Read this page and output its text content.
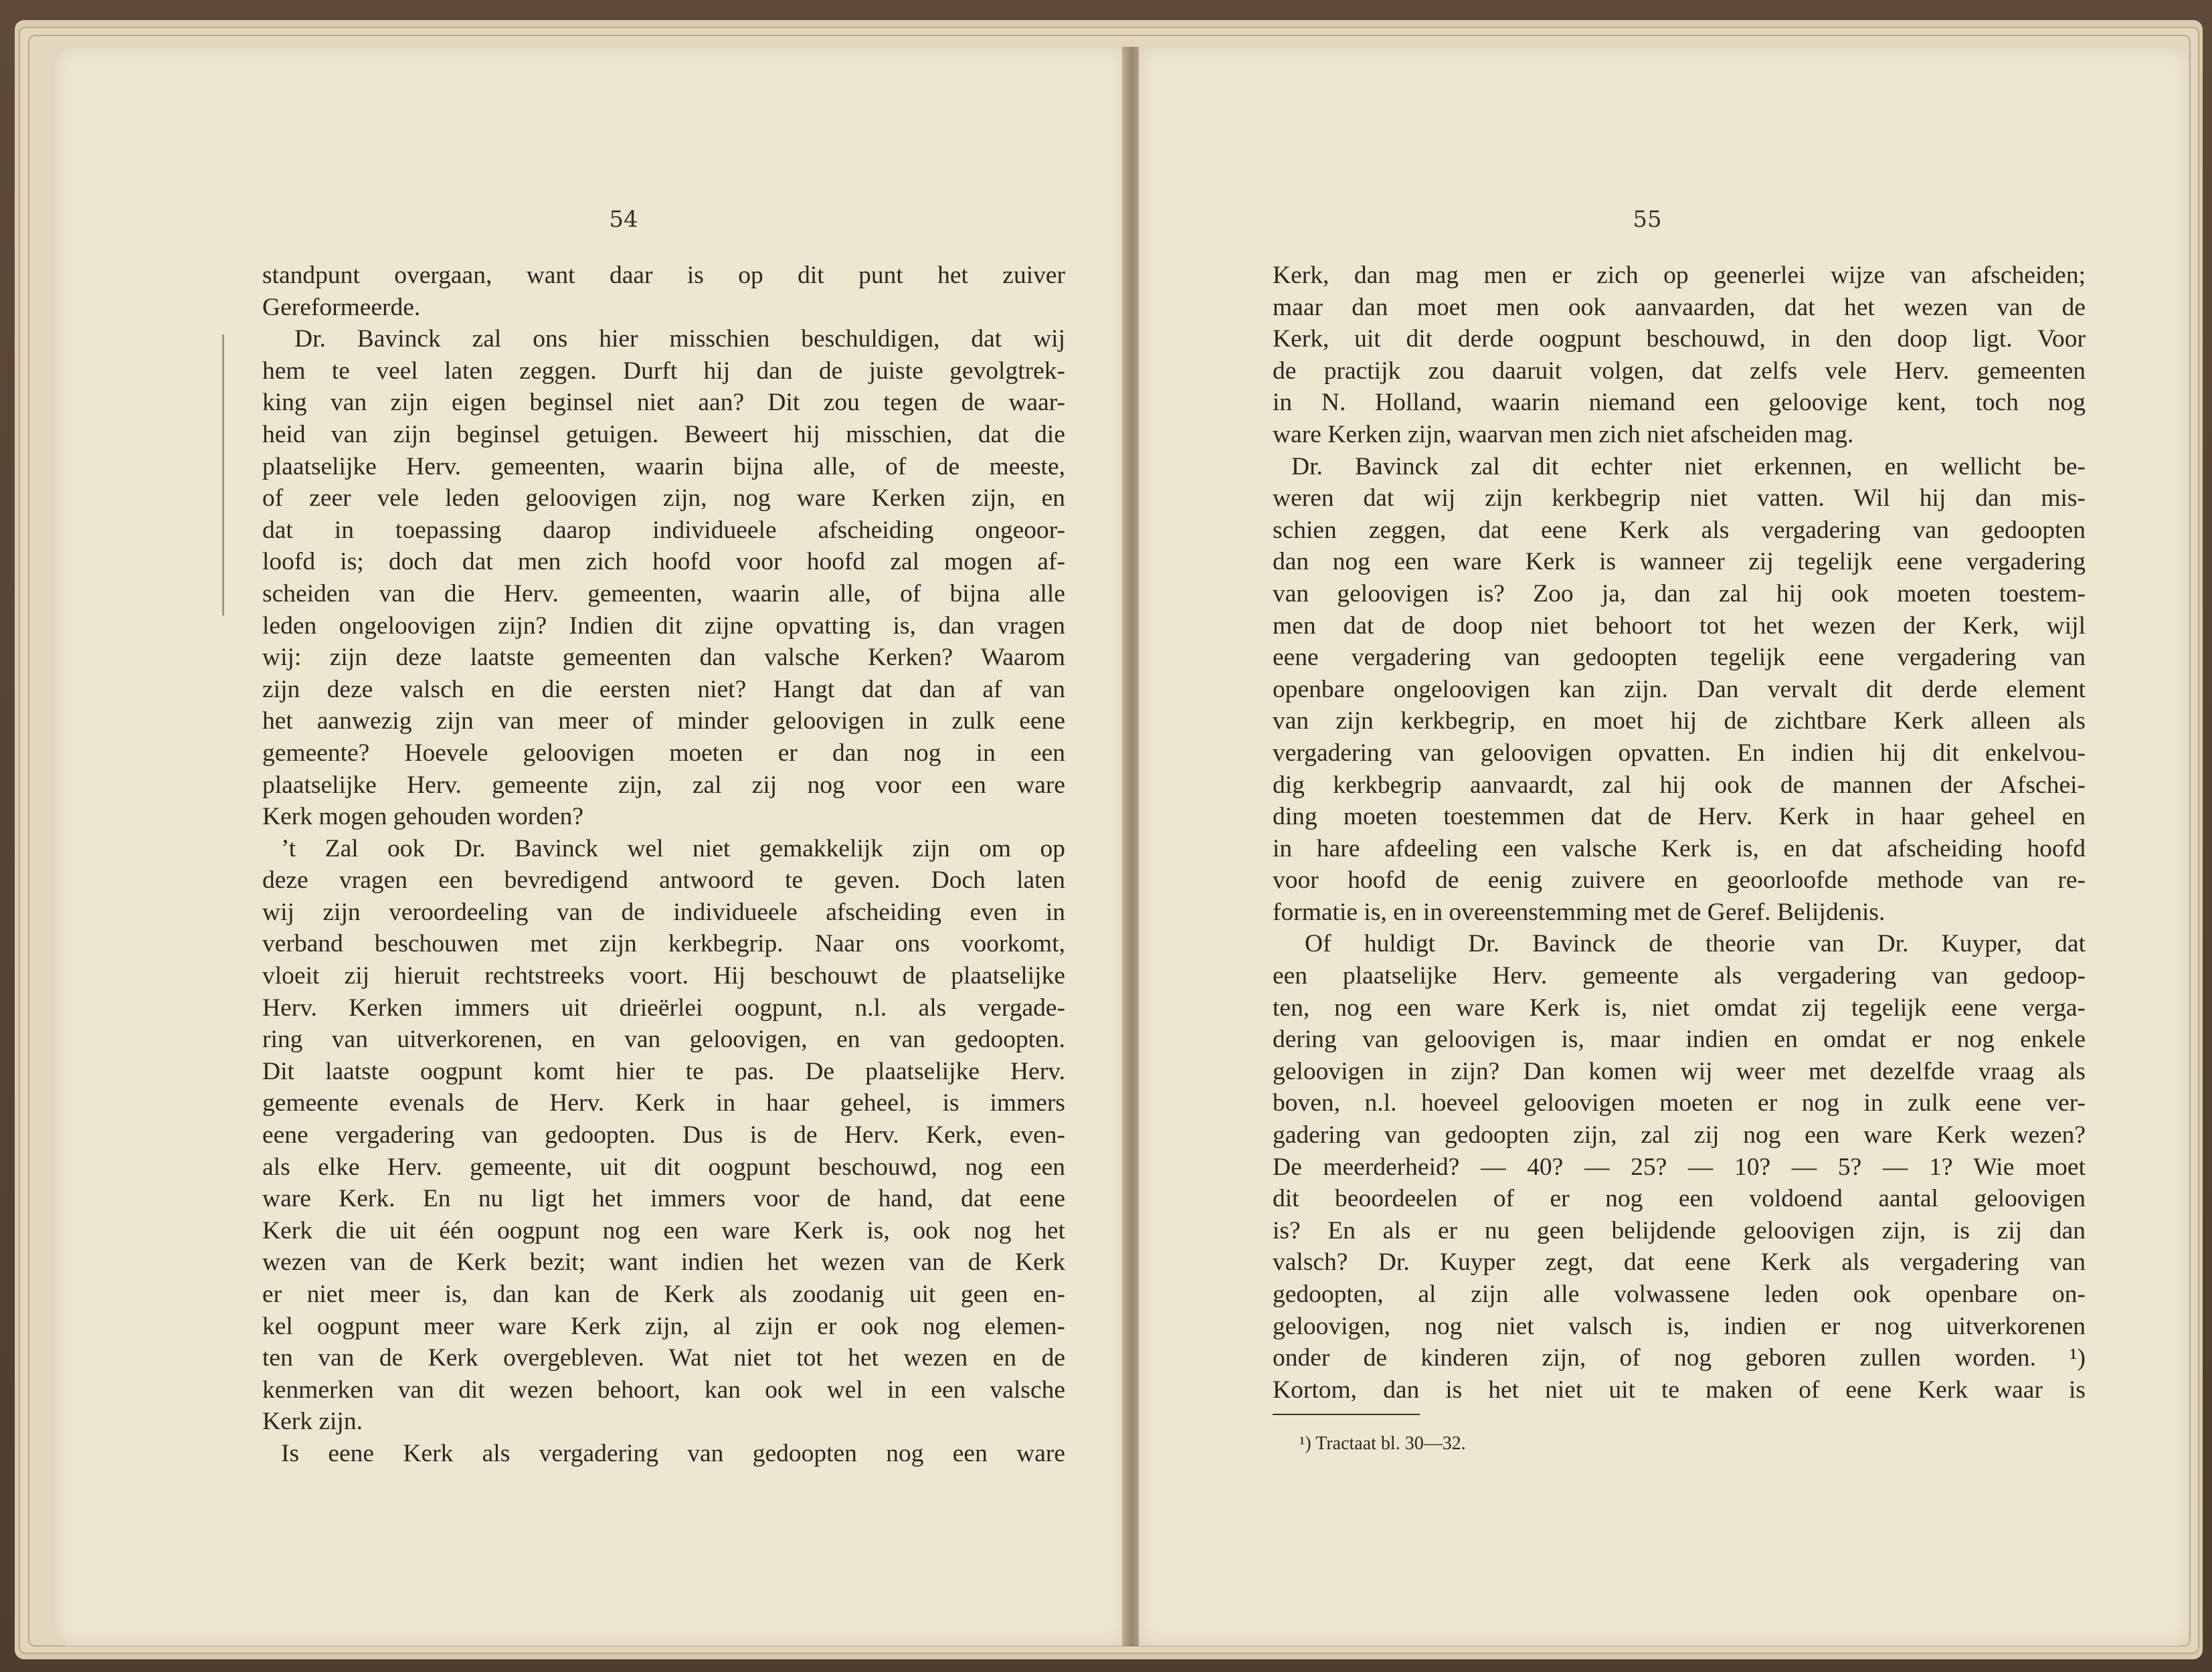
54
standpunt overgaan, want daar is op dit punt het zuiver
Gereformeerde.
Dr. Bavinck zal ons hier misschien beschuldigen, dat wij
hem te veel laten zeggen. Durft hij dan de juiste gevolgtrek-
king van zijn eigen beginsel niet aan? Dit zou tegen de waar-
heid van zijn beginsel getuigen. Beweert hij misschien, dat die
plaatselijke Herv. gemeenten, waarin bijna alle, of de meeste,
of zeer vele leden geloovigen zijn, nog ware Kerken zijn, en
dat in toepassing daarop individueele afscheiding ongeoor-
loofd is; doch dat men zich hoofd voor hoofd zal mogen af-
scheiden van die Herv. gemeenten, waarin alle, of bijna alle
leden ongeloovigen zijn? Indien dit zijne opvatting is, dan vragen
wij: zijn deze laatste gemeenten dan valsche Kerken? Waarom
zijn deze valsch en die eersten niet? Hangt dat dan af van
het aanwezig zijn van meer of minder geloovigen in zulk eene
gemeente? Hoevele geloovigen moeten er dan nog in een
plaatselijke Herv. gemeente zijn, zal zij nog voor een ware
Kerk mogen gehouden worden?
’t Zal ook Dr. Bavinck wel niet gemakkelijk zijn om op
deze vragen een bevredigend antwoord te geven. Doch laten
wij zijn veroordeeling van de individueele afscheiding even in
verband beschouwen met zijn kerkbegrip. Naar ons voorkomt,
vloeit zij hieruit rechtstreeks voort. Hij beschouwt de plaatselijke
Herv. Kerken immers uit drieërlei oogpunt, n.l. als vergade-
ring van uitverkorenen, en van geloovigen, en van gedoopten.
Dit laatste oogpunt komt hier te pas. De plaatselijke Herv.
gemeente evenals de Herv. Kerk in haar geheel, is immers
eene vergadering van gedoopten. Dus is de Herv. Kerk, even-
als elke Herv. gemeente, uit dit oogpunt beschouwd, nog een
ware Kerk. En nu ligt het immers voor de hand, dat eene
Kerk die uit één oogpunt nog een ware Kerk is, ook nog het
wezen van de Kerk bezit; want indien het wezen van de Kerk
er niet meer is, dan kan de Kerk als zoodanig uit geen en-
kel oogpunt meer ware Kerk zijn, al zijn er ook nog elemen-
ten van de Kerk overgebleven. Wat niet tot het wezen en de
kenmerken van dit wezen behoort, kan ook wel in een valsche
Kerk zijn.
Is eene Kerk als vergadering van gedoopten nog een ware
55
Kerk, dan mag men er zich op geenerlei wijze van afscheiden;
maar dan moet men ook aanvaarden, dat het wezen van de
Kerk, uit dit derde oogpunt beschouwd, in den doop ligt. Voor
de practijk zou daaruit volgen, dat zelfs vele Herv. gemeenten
in N. Holland, waarin niemand een geloovige kent, toch nog
ware Kerken zijn, waarvan men zich niet afscheiden mag.
Dr. Bavinck zal dit echter niet erkennen, en wellicht be-
weren dat wij zijn kerkbegrip niet vatten. Wil hij dan mis-
schien zeggen, dat eene Kerk als vergadering van gedoopten
dan nog een ware Kerk is wanneer zij tegelijk eene vergadering
van geloovigen is? Zoo ja, dan zal hij ook moeten toestem-
men dat de doop niet behoort tot het wezen der Kerk, wijl
eene vergadering van gedoopten tegelijk eene vergadering van
openbare ongeloovigen kan zijn. Dan vervalt dit derde element
van zijn kerkbegrip, en moet hij de zichtbare Kerk alleen als
vergadering van geloovigen opvatten. En indien hij dit enkelvou-
dig kerkbegrip aanvaardt, zal hij ook de mannen der Afschei-
ding moeten toestemmen dat de Herv. Kerk in haar geheel en
in hare afdeeling een valsche Kerk is, en dat afscheiding hoofd
voor hoofd de eenig zuivere en geoorloofde methode van re-
formatie is, en in overeenstemming met de Geref. Belijdenis.
Of huldigt Dr. Bavinck de theorie van Dr. Kuyper, dat
een plaatselijke Herv. gemeente als vergadering van gedoop-
ten, nog een ware Kerk is, niet omdat zij tegelijk eene verga-
dering van geloovigen is, maar indien en omdat er nog enkele
geloovigen in zijn? Dan komen wij weer met dezelfde vraag als
boven, n.l. hoeveel geloovigen moeten er nog in zulk eene ver-
gadering van gedoopten zijn, zal zij nog een ware Kerk wezen?
De meerderheid? — 40? — 25? — 10? — 5? — 1? Wie moet
dit beoordeelen of er nog een voldoend aantal geloovigen
is? En als er nu geen belijdende geloovigen zijn, is zij dan
valsch? Dr. Kuyper zegt, dat eene Kerk als vergadering van
gedoopten, al zijn alle volwassene leden ook openbare on-
geloovigen, nog niet valsch is, indien er nog uitverkorenen
onder de kinderen zijn, of nog geboren zullen worden. ¹)
Kortom, dan is het niet uit te maken of eene Kerk waar is
¹) Tractaat bl. 30—32.
